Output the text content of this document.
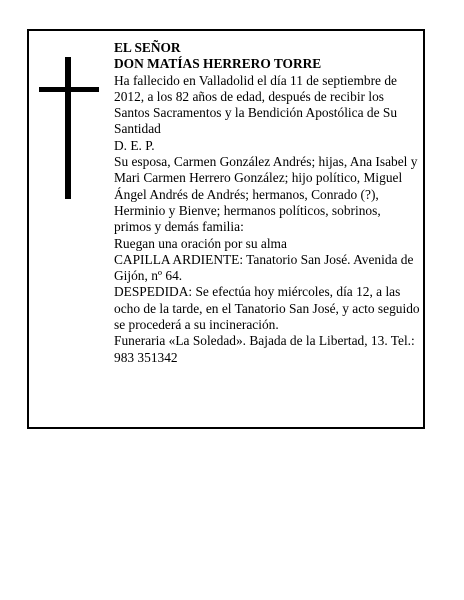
EL SEÑOR

DON MATÍAS HERRERO TORRE

Ha fallecido en Valladolid el día 11 de septiembre de 2012, a los 82 años de edad, después de recibir los Santos Sacramentos y la Bendición Apostólica de Su Santidad

D. E. P.

Su esposa, Carmen González Andrés; hijas, Ana Isabel y Mari Carmen Herrero González; hijo político, Miguel Ángel Andrés de Andrés; hermanos, Conrado (?), Herminio y Bienve; hermanos políticos, sobrinos, primos y demás familia:

Ruegan una oración por su alma

CAPILLA ARDIENTE: Tanatorio San José. Avenida de Gijón, nº 64.

DESPEDIDA: Se efectúa hoy miércoles, día 12, a las ocho de la tarde, en el Tanatorio San José, y acto seguido se procederá a su incineración.

Funeraria «La Soledad». Bajada de la Libertad, 13. Tel.: 983 351342
